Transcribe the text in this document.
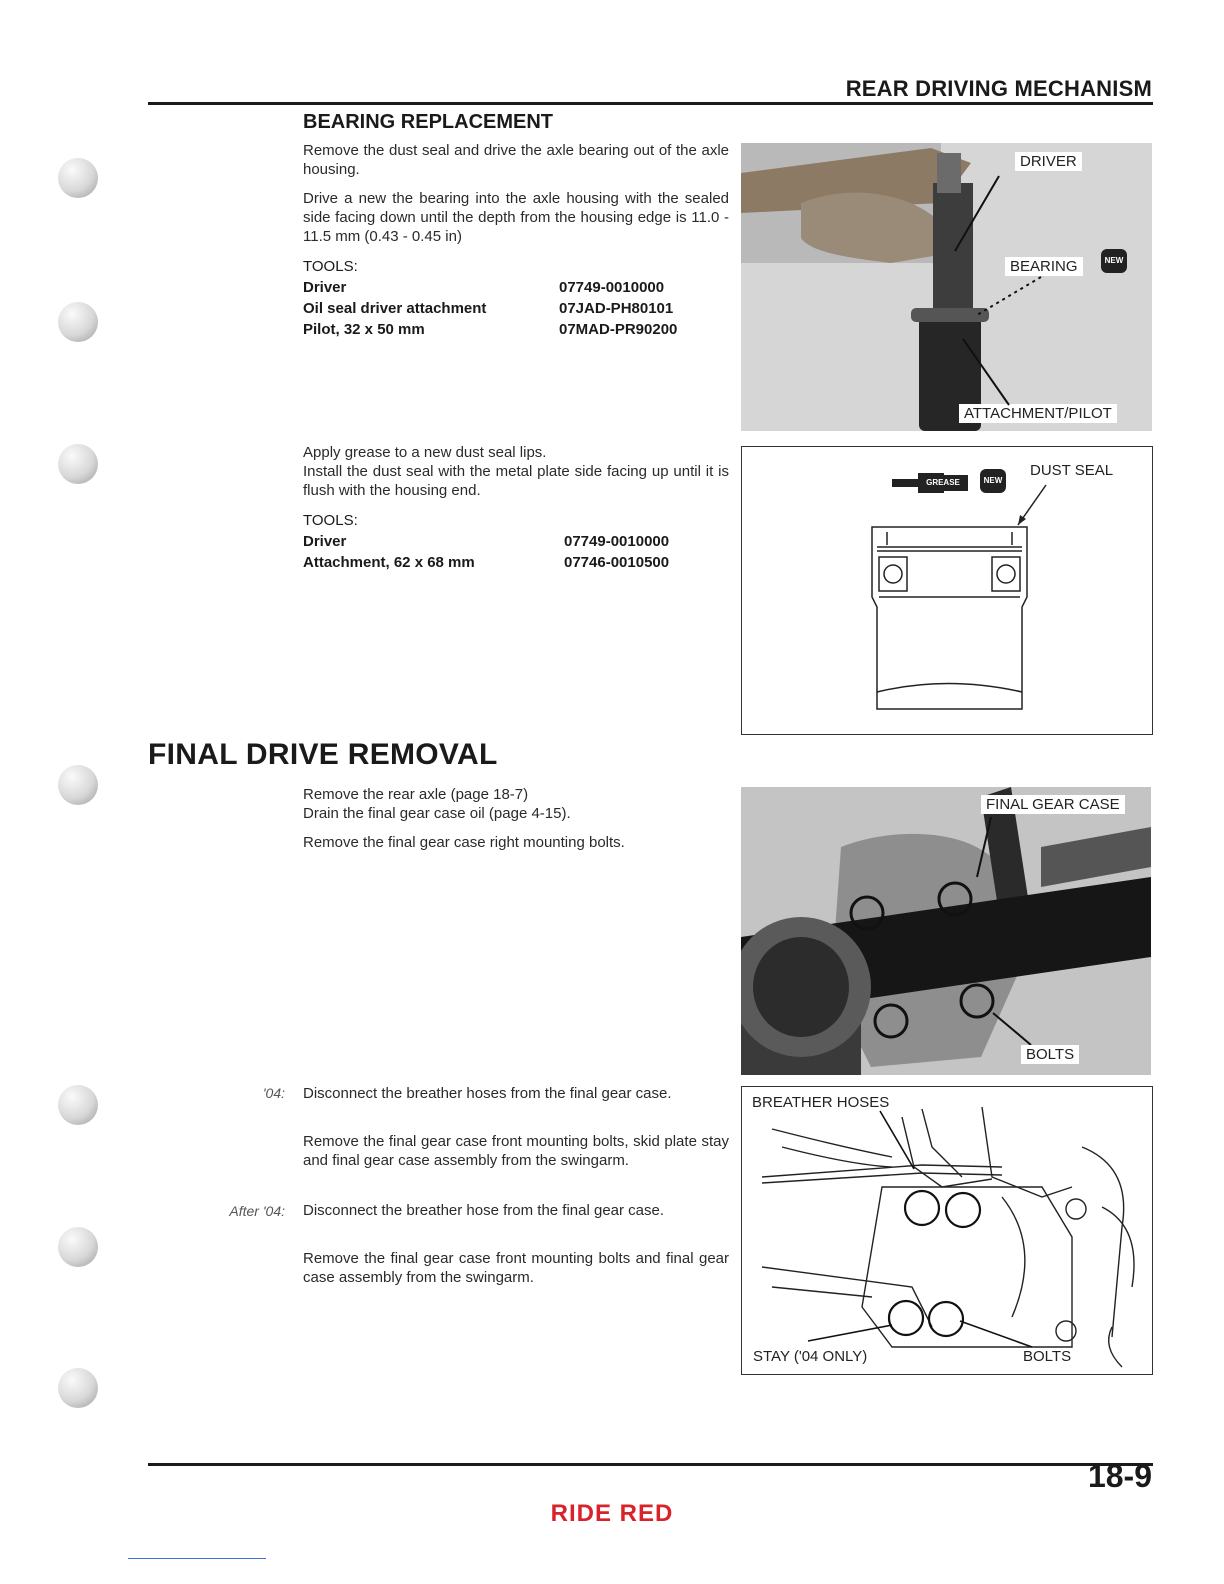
REAR DRIVING MECHANISM
BEARING REPLACEMENT
Remove the dust seal and drive the axle bearing out of the axle housing.
Drive a new the bearing into the axle housing with the sealed side facing down until the depth from the housing edge is 11.0 - 11.5 mm (0.43 - 0.45 in)
TOOLS:
Driver	07749-0010000
Oil seal driver attachment	07JAD-PH80101
Pilot, 32 x 50 mm	07MAD-PR90200
DRIVER
BEARING	NEW
ATTACHMENT/PILOT
Apply grease to a new dust seal lips.
Install the dust seal with the metal plate side facing up until it is flush with the housing end.
TOOLS:
Driver	07749-0010000
Attachment, 62 x 68 mm	07746-0010500
GREASE	NEW
DUST SEAL
FINAL DRIVE REMOVAL
Remove the rear axle (page 18-7)
Drain the final gear case oil (page 4-15).
Remove the final gear case right mounting bolts.
FINAL GEAR CASE
BOLTS
'04: Disconnect the breather hoses from the final gear case.
Remove the final gear case front mounting bolts, skid plate stay and final gear case assembly from the swingarm.
After '04: Disconnect the breather hose from the final gear case.
Remove the final gear case front mounting bolts and final gear case assembly from the swingarm.
BREATHER HOSES
STAY ('04 ONLY)	BOLTS
18-9
RIDE RED
